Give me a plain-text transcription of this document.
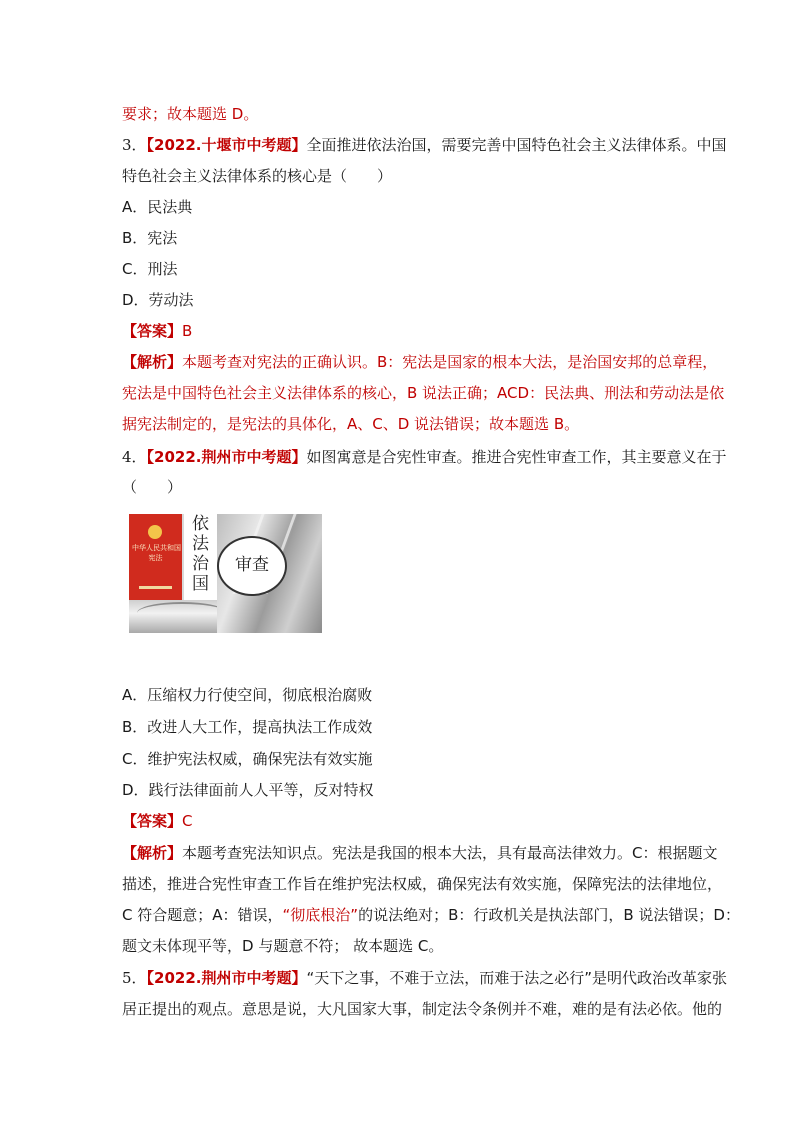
要求；故本题选 D。
3．【2022.十堰市中考题】全面推进依法治国，需要完善中国特色社会主义法律体系。中国
特色社会主义法律体系的核心是（　　）
A．民法典
B．宪法
C．刑法
D．劳动法
【答案】B
【解析】本题考查对宪法的正确认识。B：宪法是国家的根本大法，是治国安邦的总章程，
宪法是中国特色社会主义法律体系的核心，B 说法正确；ACD：民法典、刑法和劳动法是依
据宪法制定的，是宪法的具体化，A、C、D 说法错误；故本题选 B。
4．【2022.荆州市中考题】如图寓意是合宪性审查。推进合宪性审查工作，其主要意义在于
（　　）
中华人民共和国
宪法
依
法
治
国
审查
A．压缩权力行使空间，彻底根治腐败
B．改进人大工作，提高执法工作成效
C．维护宪法权威，确保宪法有效实施
D．践行法律面前人人平等，反对特权
【答案】C
【解析】本题考查宪法知识点。宪法是我国的根本大法，具有最高法律效力。C：根据题文
描述，推进合宪性审查工作旨在维护宪法权威，确保宪法有效实施，保障宪法的法律地位，
C 符合题意；A：错误，“彻底根治”的说法绝对；B：行政机关是执法部门，B 说法错误；D：
题文未体现平等，D 与题意不符； 故本题选 C。
5．【2022.荆州市中考题】“天下之事，不难于立法，而难于法之必行”是明代政治改革家张
居正提出的观点。意思是说，大凡国家大事，制定法令条例并不难，难的是有法必依。他的
